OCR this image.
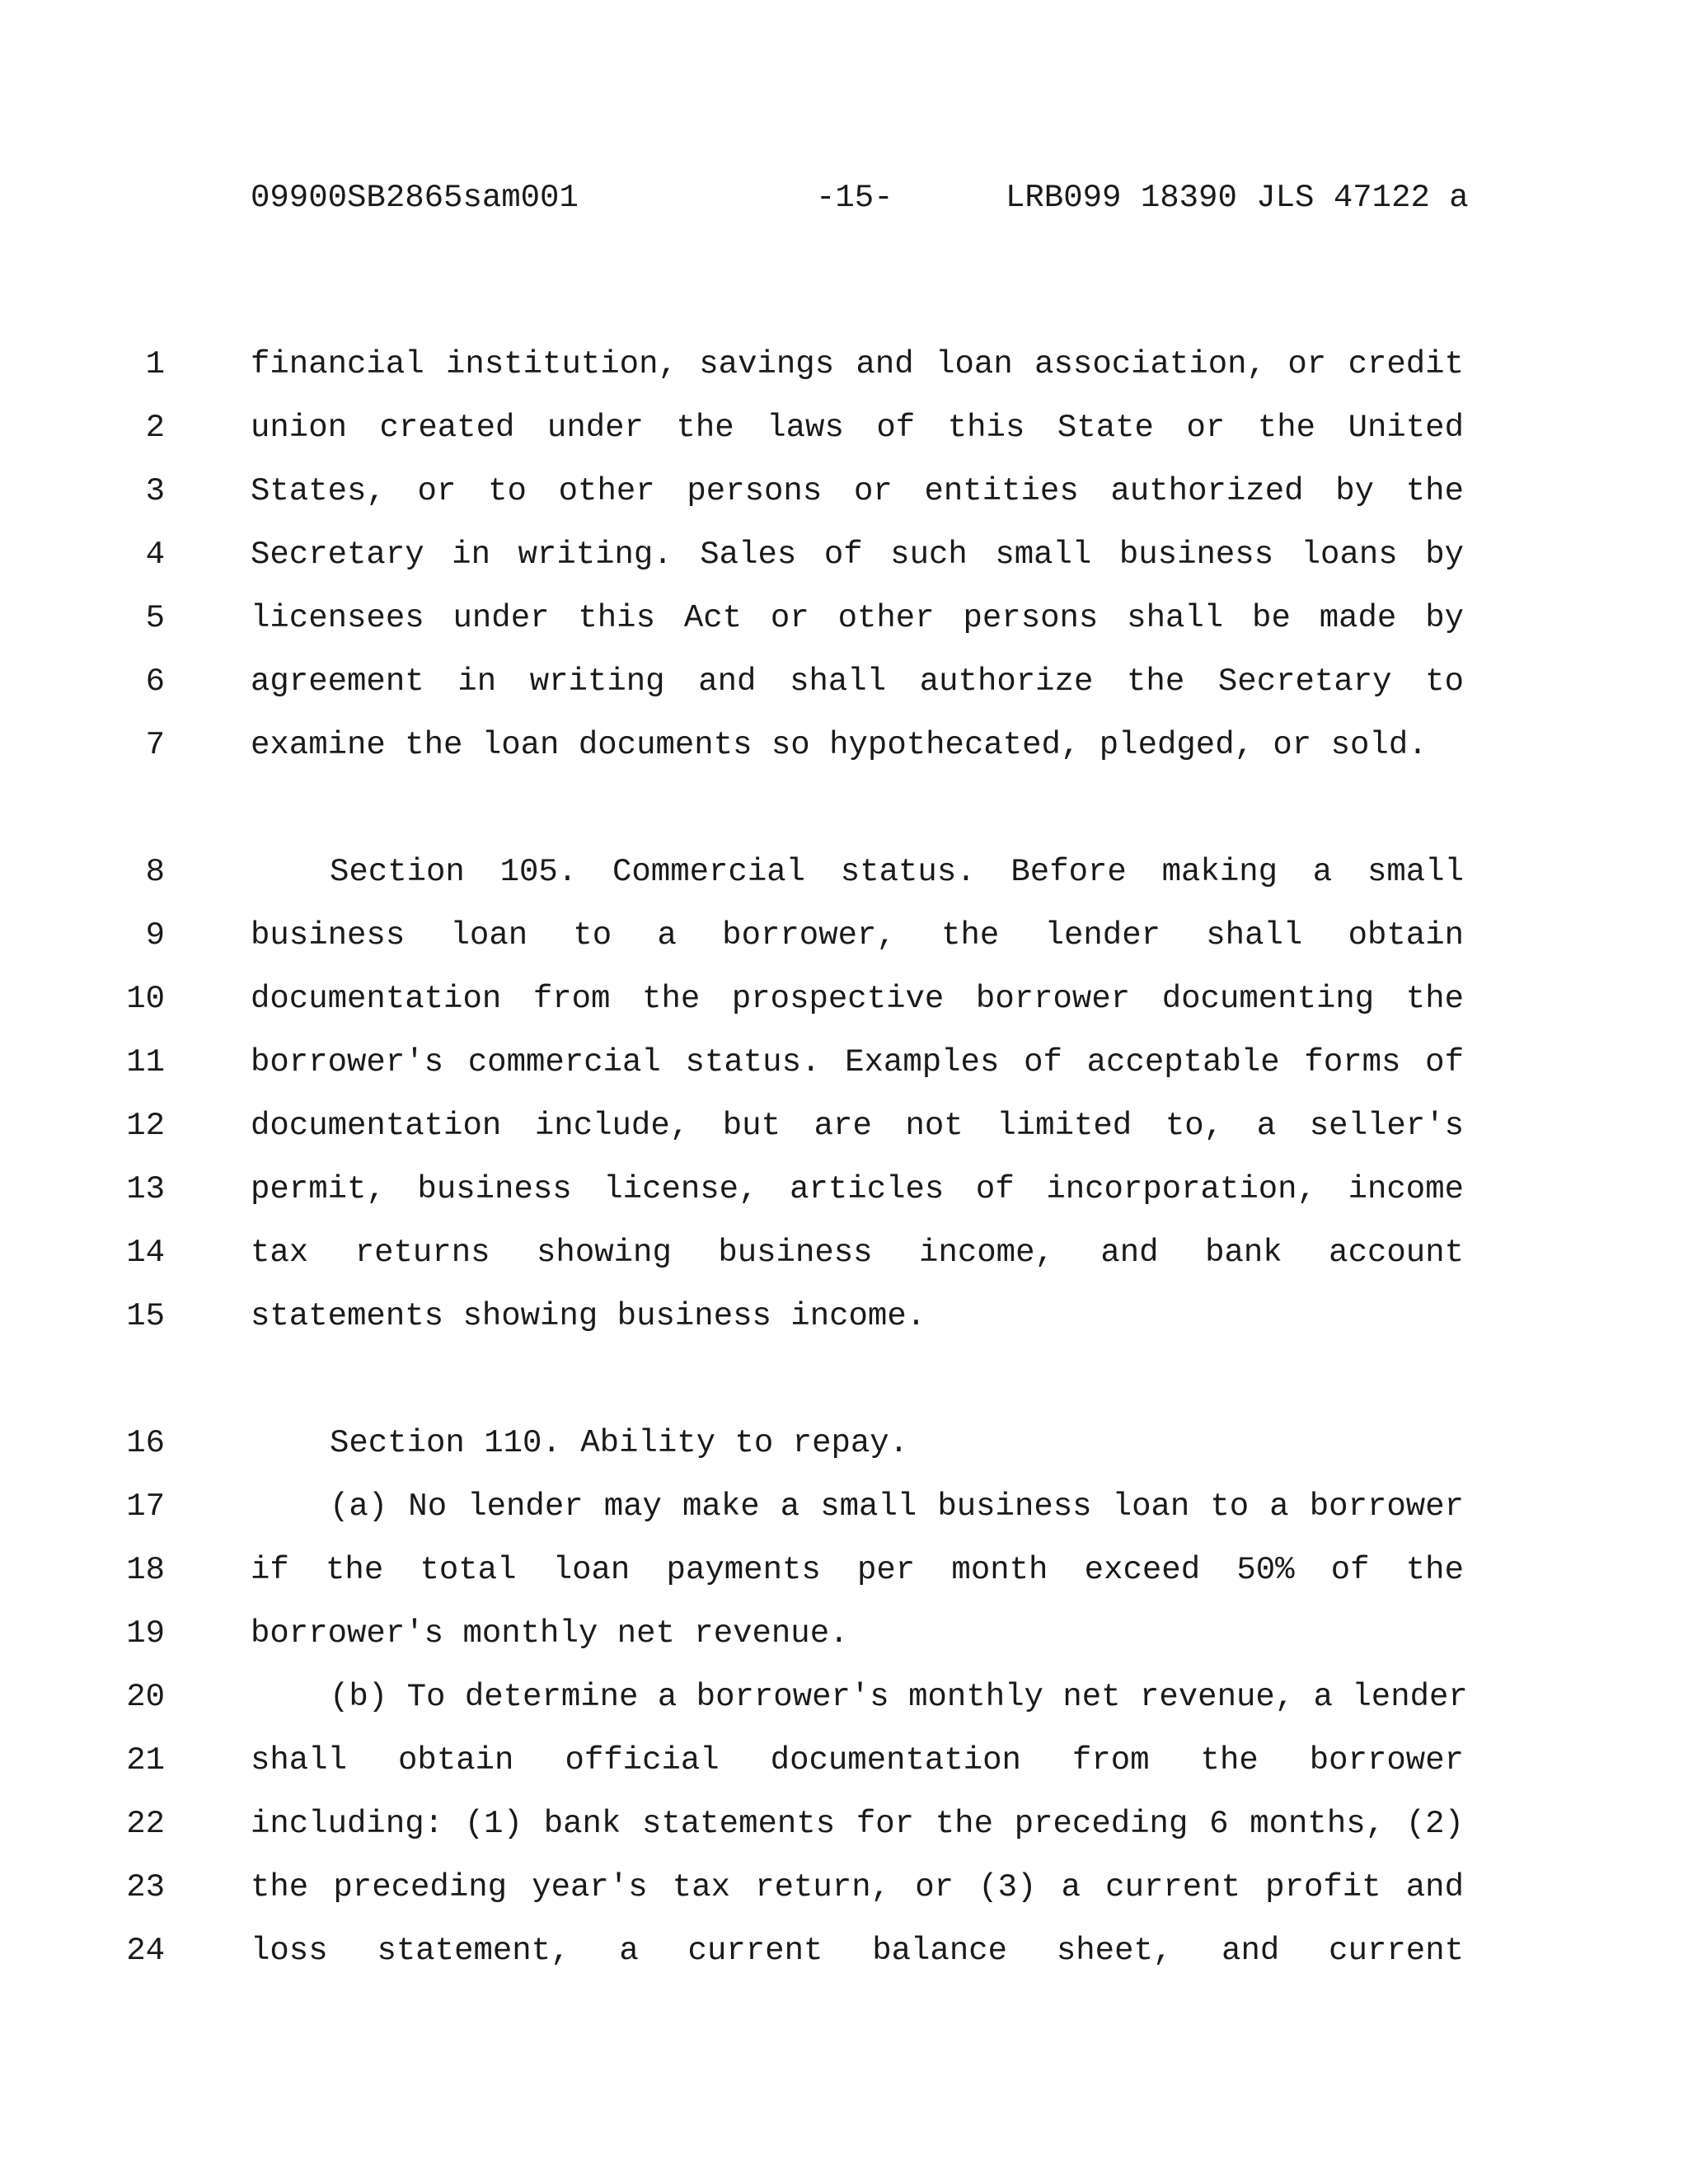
09900SB2865sam001	-15-	LRB099 18390 JLS 47122 a
1	financial institution, savings and loan association, or credit
2	union created under the laws of this State or the United
3	States, or to other persons or entities authorized by the
4	Secretary in writing. Sales of such small business loans by
5	licensees under this Act or other persons shall be made by
6	agreement in writing and shall authorize the Secretary to
7	examine the loan documents so hypothecated, pledged, or sold.
8	Section 105. Commercial status. Before making a small
9	business loan to a borrower, the lender shall obtain
10	documentation from the prospective borrower documenting the
11	borrower's commercial status. Examples of acceptable forms of
12	documentation include, but are not limited to, a seller's
13	permit, business license, articles of incorporation, income
14	tax returns showing business income, and bank account
15	statements showing business income.
16	Section 110. Ability to repay.
17	(a) No lender may make a small business loan to a borrower
18	if the total loan payments per month exceed 50% of the
19	borrower's monthly net revenue.
20	(b) To determine a borrower's monthly net revenue, a lender
21	shall obtain official documentation from the borrower
22	including: (1) bank statements for the preceding 6 months, (2)
23	the preceding year's tax return, or (3) a current profit and
24	loss statement, a current balance sheet, and current
